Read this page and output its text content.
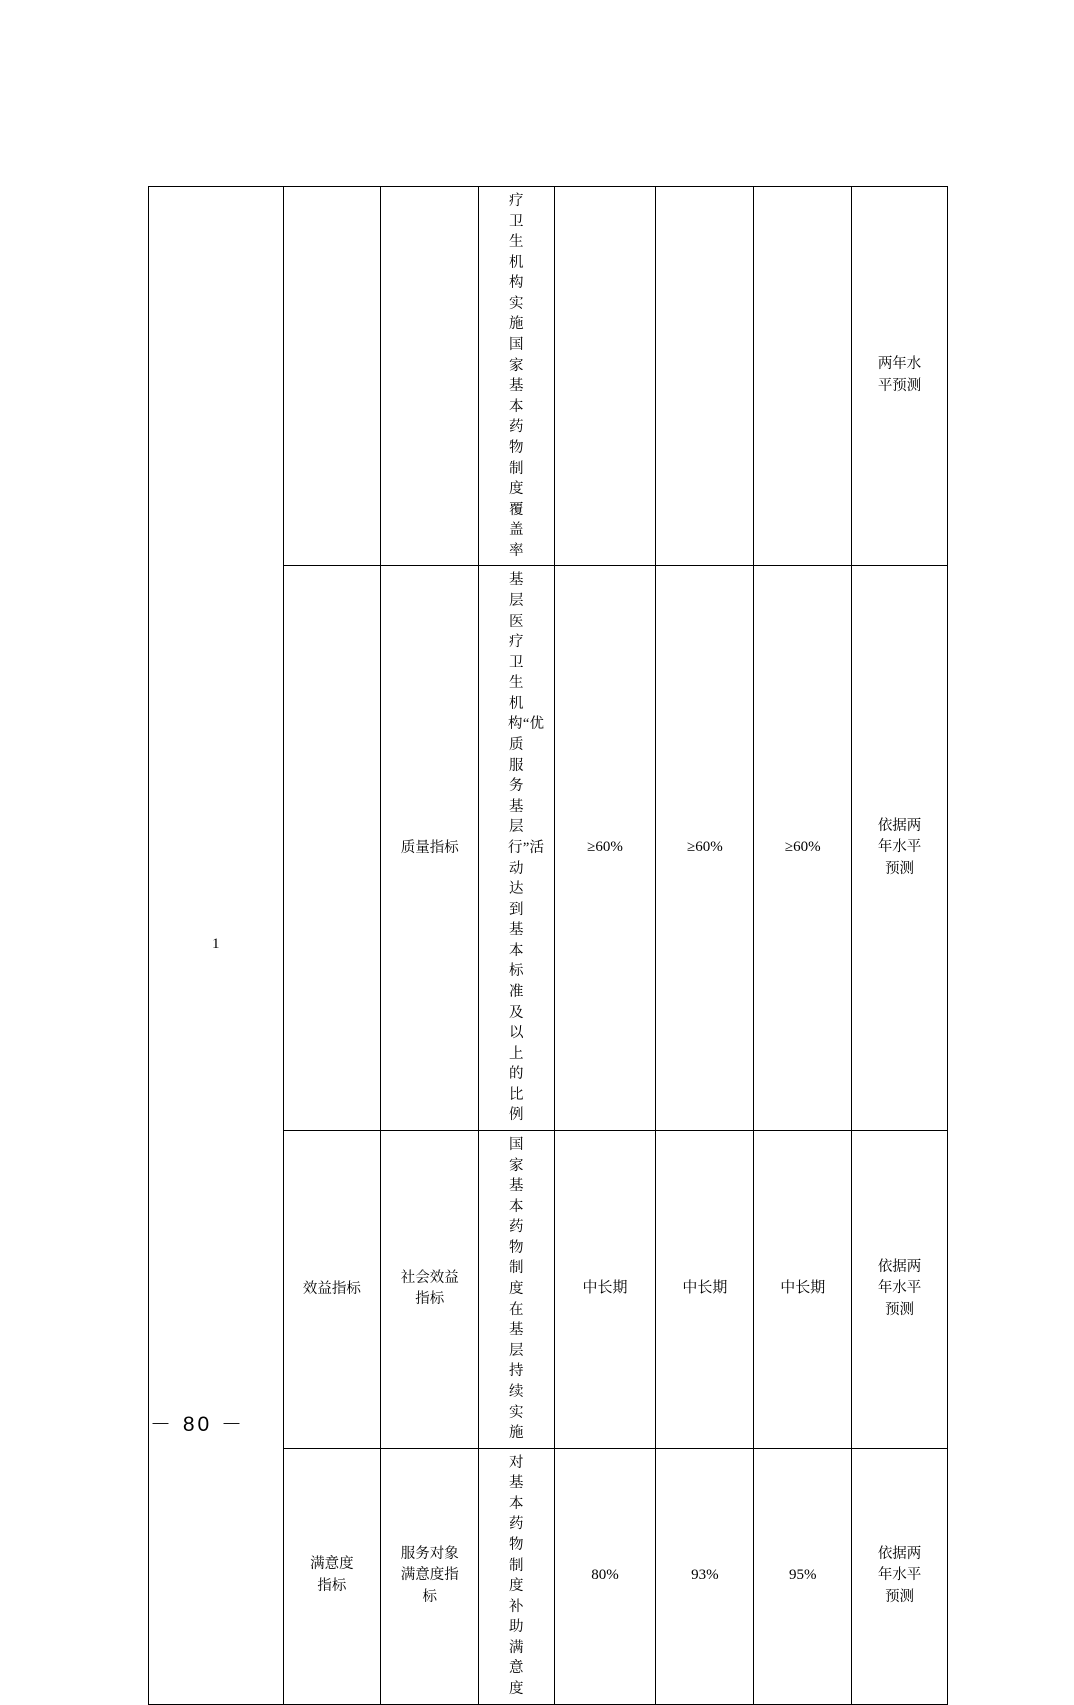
1			疗卫生机构实施国家基本药物制度覆盖率				两年水平预测

		质量指标	基层医疗卫生机构“优质服务基层行”活动达到基本标准及以上的比例	≥60%	≥60%	≥60%	依据两年水平预测

	效益指标	社会效益指标	国家基本药物制度在基层持续实施	中长期	中长期	中长期	依据两年水平预测

	满意度指标	服务对象满意度指标	对基本药物制度补助满意度	80%	93%	95%	依据两年水平预测
－ 80 －
